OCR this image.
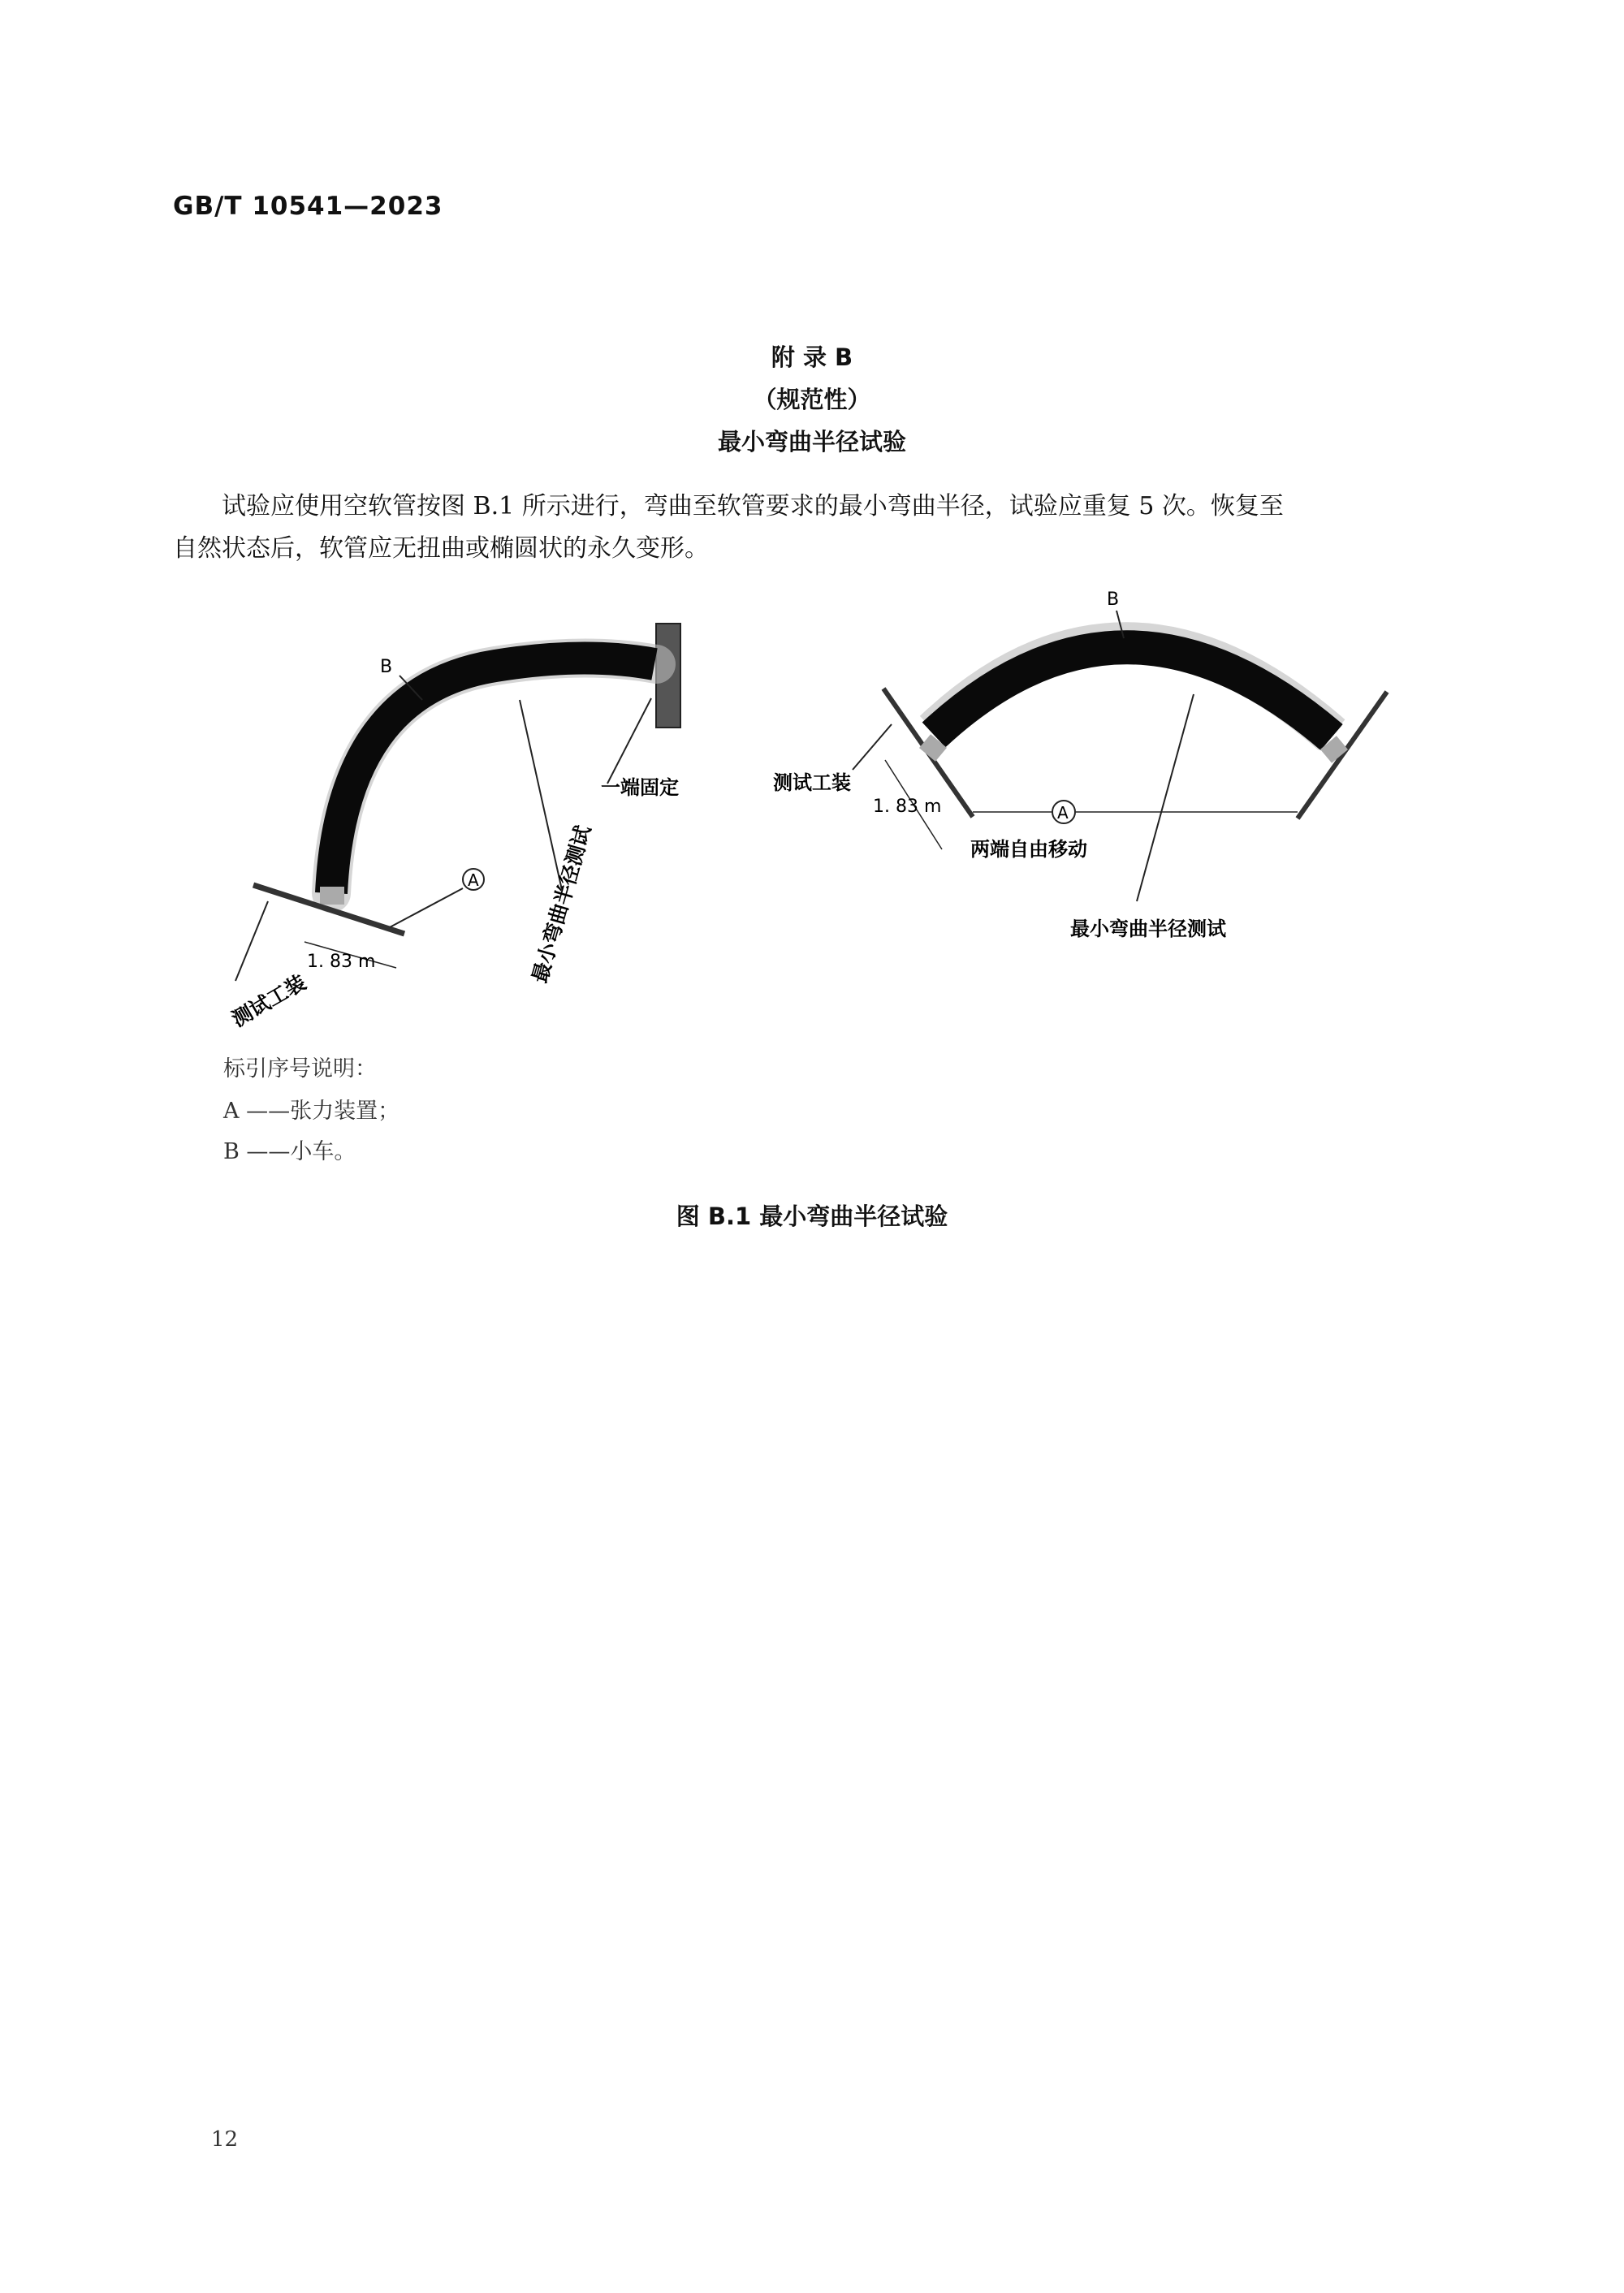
GB/T 10541—2023
附 录 B
（规范性）
最小弯曲半径试验
试验应使用空软管按图 B.1 所示进行，弯曲至软管要求的最小弯曲半径，试验应重复 5 次。恢复至
自然状态后，软管应无扭曲或椭圆状的永久变形。
B
A
一端固定
最小弯曲半径测试
测试工装
1. 83 m
B
A
测试工装
1. 83 m
两端自由移动
最小弯曲半径测试
标引序号说明：
A ——张力装置；
B ——小车。
图 B.1 最小弯曲半径试验
12
